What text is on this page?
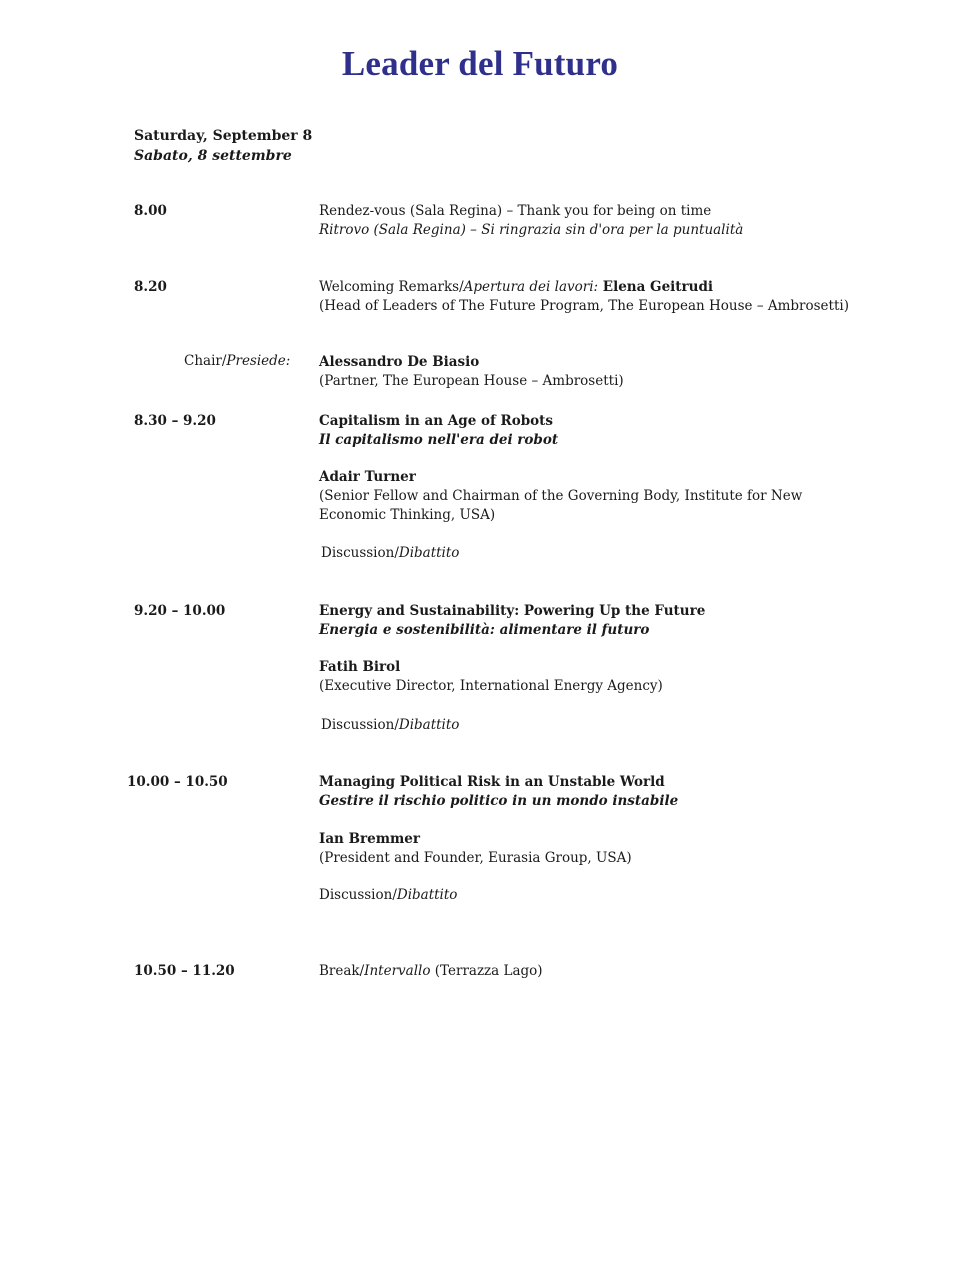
Leader del Futuro
Saturday, September 8
Sabato, 8 settembre
8.00	Rendez-vous (Sala Regina) – Thank you for being on time
Ritrovo (Sala Regina) – Si ringrazia sin d'ora per la puntualità
8.20	Welcoming Remarks/Apertura dei lavori: Elena Geitrudi
(Head of Leaders of The Future Program, The European House – Ambrosetti)
Chair/Presiede: Alessandro De Biasio
(Partner, The European House – Ambrosetti)
8.30 – 9.20	Capitalism in an Age of Robots
Il capitalismo nell'era dei robot
Adair Turner
(Senior Fellow and Chairman of the Governing Body, Institute for New
Economic Thinking, USA)
Discussion/Dibattito
9.20 – 10.00	Energy and Sustainability: Powering Up the Future
Energia e sostenibilità: alimentare il futuro
Fatih Birol
(Executive Director, International Energy Agency)
Discussion/Dibattito
10.00 – 10.50	Managing Political Risk in an Unstable World
Gestire il rischio politico in un mondo instabile
Ian Bremmer
(President and Founder, Eurasia Group, USA)
Discussion/Dibattito
10.50 – 11.20	Break/Intervallo (Terrazza Lago)
